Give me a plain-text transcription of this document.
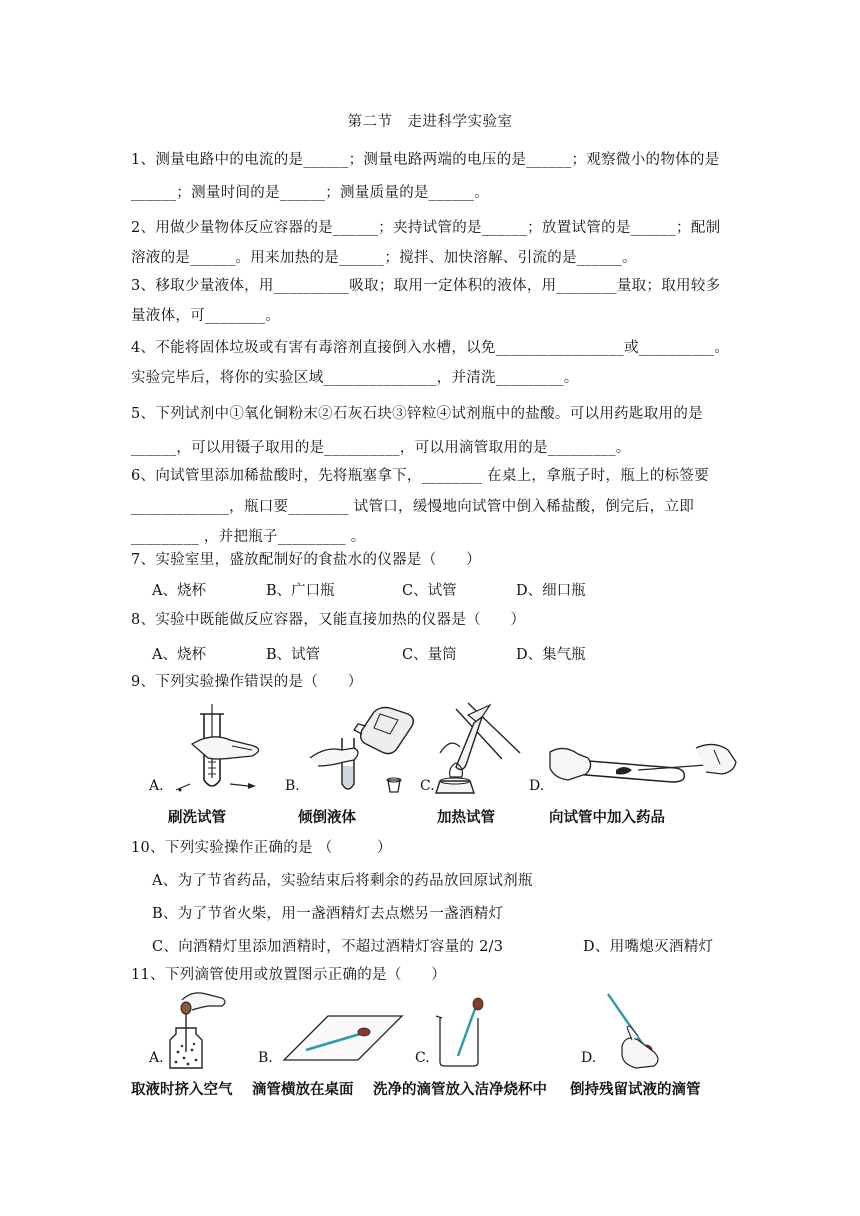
第二节　走进科学实验室
1、测量电路中的电流的是______；测量电路两端的电压的是______；观察微小的物体的是
______；测量时间的是______；测量质量的是______。
2、用做少量物体反应容器的是______；夹持试管的是______；放置试管的是______；配制
溶液的是______。用来加热的是______；搅拌、加快溶解、引流的是______。
3、移取少量液体，用__________吸取；取用一定体积的液体，用________量取；取用较多
量液体，可________。
4、不能将固体垃圾或有害有毒溶剂直接倒入水槽，以免_________________或__________。
实验完毕后，将你的实验区域_______________，并清洗_________。
5、下列试剂中①氧化铜粉末②石灰石块③锌粒④试剂瓶中的盐酸。可以用药匙取用的是
______，可以用镊子取用的是__________，可以用滴管取用的是_________。
6、向试管里添加稀盐酸时，先将瓶塞拿下，________ 在桌上，拿瓶子时，瓶上的标签要
_____________，瓶口要________ 试管口，缓慢地向试管中倒入稀盐酸，倒完后，立即
_________ ，并把瓶子_________ 。
7、实验室里，盛放配制好的食盐水的仪器是（　　）
A、烧杯	B、广口瓶	C、试管	D、细口瓶
8、实验中既能做反应容器，又能直接加热的仪器是（　　）
A、烧杯	B、试管	C、量筒	D、集气瓶
9、下列实验操作错误的是（　　）
A.	B.	C.	D.
刷洗试管	倾倒液体	加热试管	向试管中加入药品
10、下列实验操作正确的是 （　　　）
A、为了节省药品，实验结束后将剩余的药品放回原试剂瓶
B、为了节省火柴，用一盏酒精灯去点燃另一盏酒精灯
C、向酒精灯里添加酒精时，不超过酒精灯容量的 2/3	D、用嘴熄灭酒精灯
11、下列滴管使用或放置图示正确的是（　　）
A.	B.	C.	D.
取液时挤入空气 滴管横放在桌面 洗净的滴管放入洁净烧杯中 倒持残留试液的滴管
